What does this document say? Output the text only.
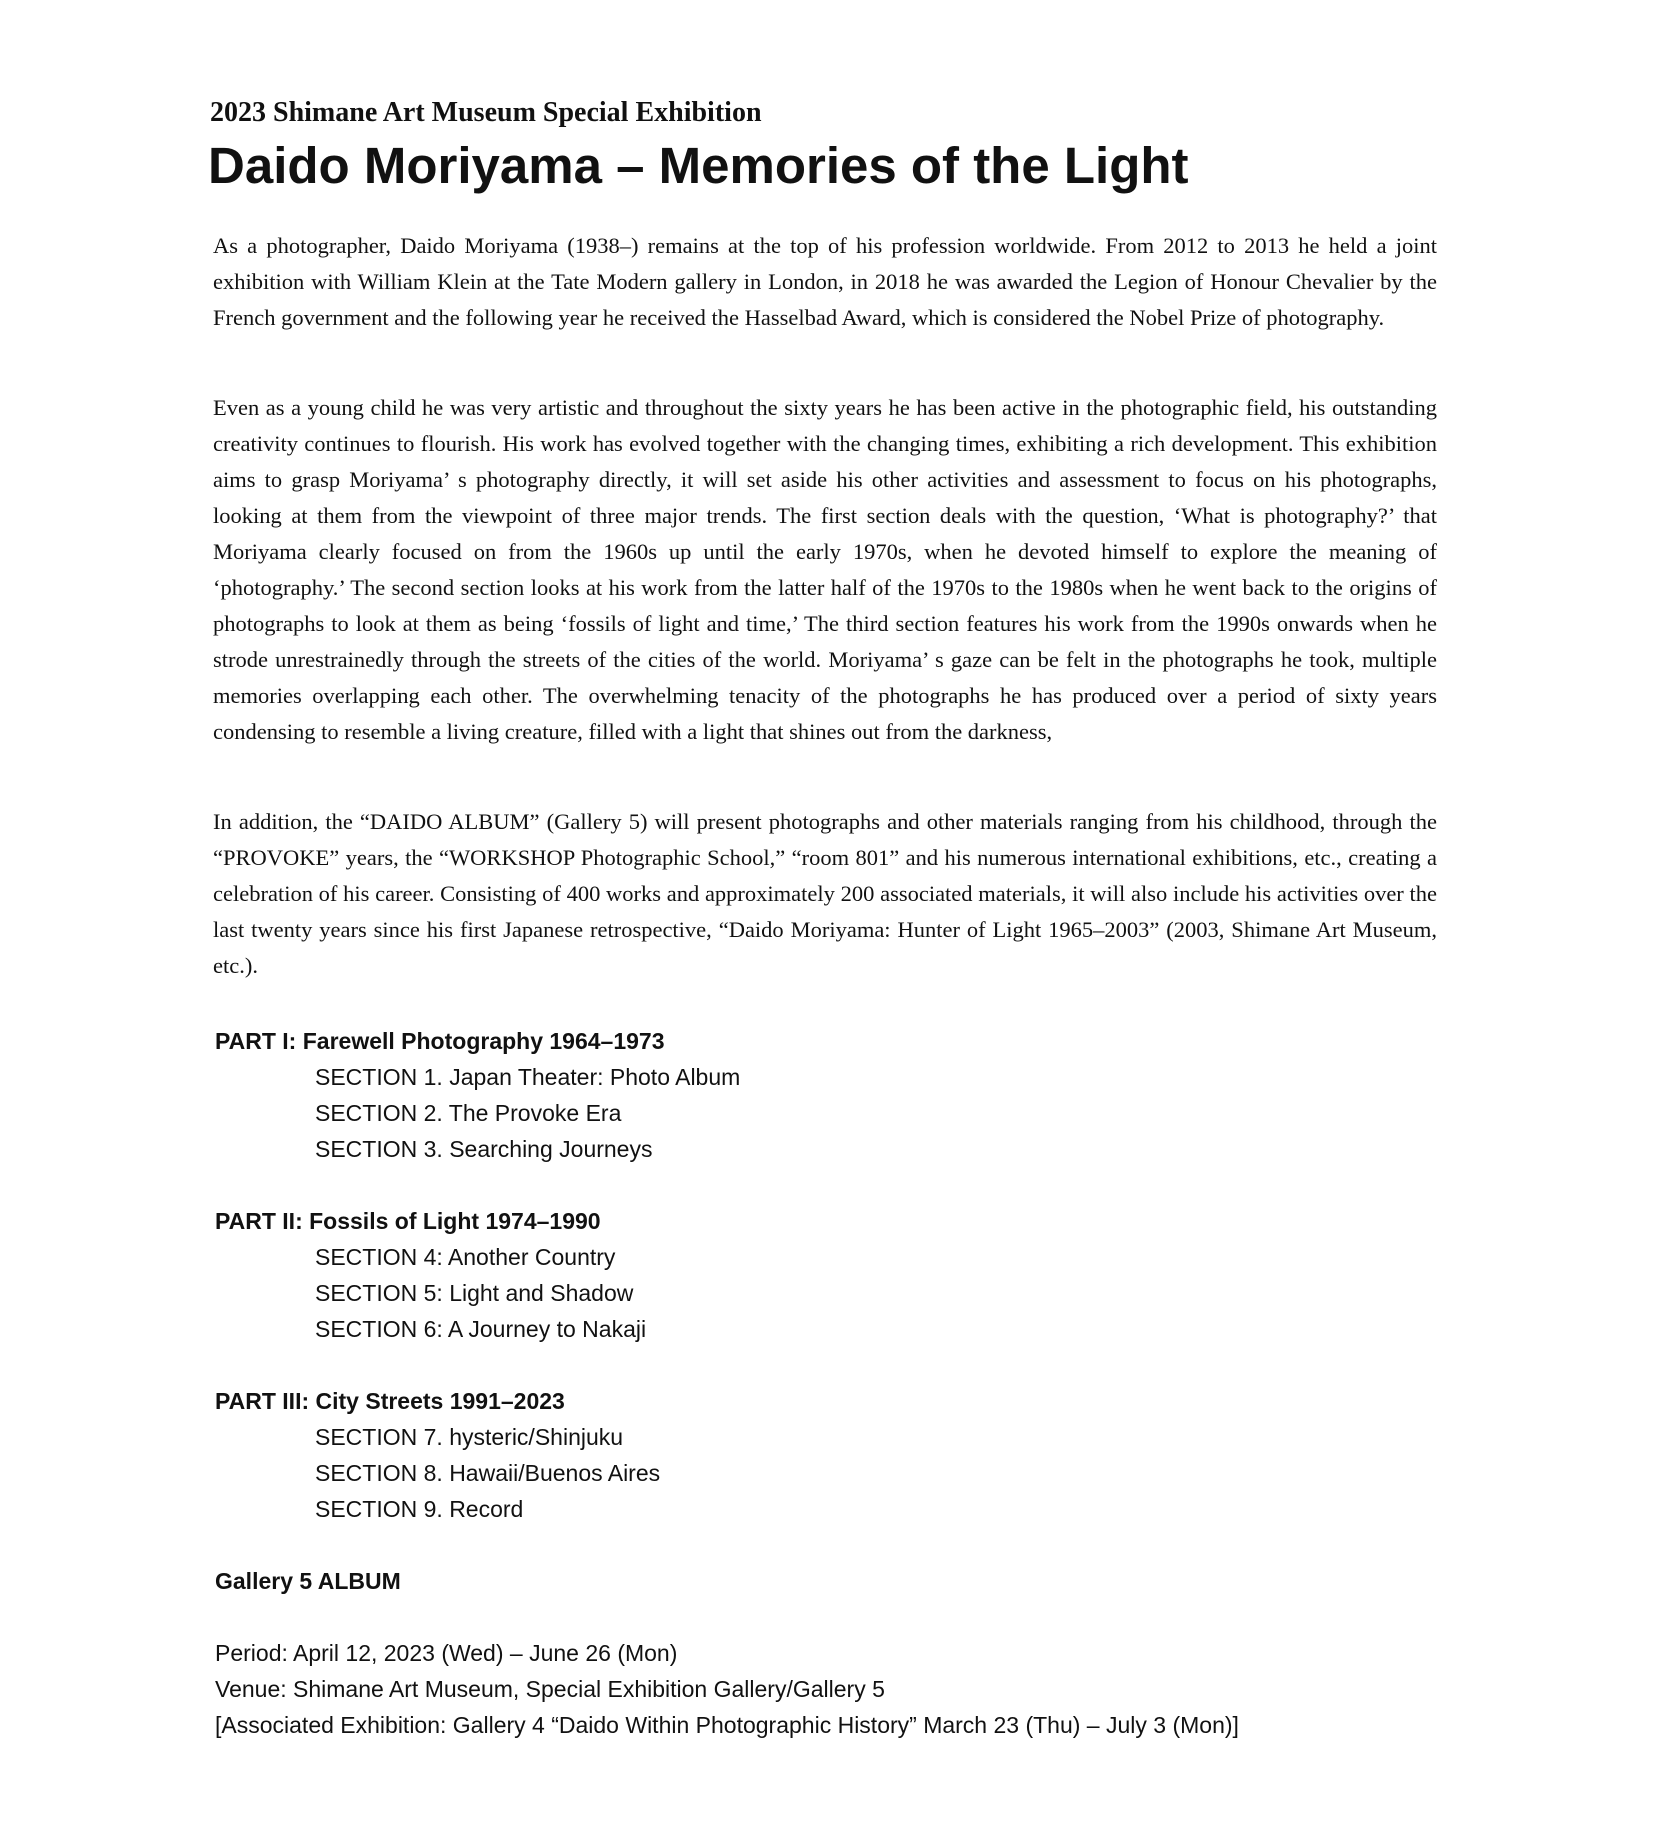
2023 Shimane Art Museum Special Exhibition
Daido Moriyama – Memories of the Light
As a photographer, Daido Moriyama (1938–) remains at the top of his profession worldwide. From 2012 to 2013 he held a joint exhibition with William Klein at the Tate Modern gallery in London, in 2018 he was awarded the Legion of Honour Chevalier by the French government and the following year he received the Hasselbad Award, which is considered the Nobel Prize of photography.
Even as a young child he was very artistic and throughout the sixty years he has been active in the photographic field, his outstanding creativity continues to flourish. His work has evolved together with the changing times, exhibiting a rich development. This exhibition aims to grasp Moriyama’ s photography directly, it will set aside his other activities and assessment to focus on his photographs, looking at them from the viewpoint of three major trends. The first section deals with the question, ‘What is photography?’ that Moriyama clearly focused on from the 1960s up until the early 1970s, when he devoted himself to explore the meaning of ‘photography.’ The second section looks at his work from the latter half of the 1970s to the 1980s when he went back to the origins of photographs to look at them as being ‘fossils of light and time,’ The third section features his work from the 1990s onwards when he strode unrestrainedly through the streets of the cities of the world. Moriyama’ s gaze can be felt in the photographs he took, multiple memories overlapping each other. The overwhelming tenacity of the photographs he has produced over a period of sixty years condensing to resemble a living creature, filled with a light that shines out from the darkness,
In addition, the “DAIDO ALBUM” (Gallery 5) will present photographs and other materials ranging from his childhood, through the “PROVOKE” years, the “WORKSHOP Photographic School,” “room 801” and his numerous international exhibitions, etc., creating a celebration of his career. Consisting of 400 works and approximately 200 associated materials, it will also include his activities over the last twenty years since his first Japanese retrospective, “Daido Moriyama: Hunter of Light 1965–2003” (2003, Shimane Art Museum, etc.).
PART I: Farewell Photography 1964–1973
SECTION 1. Japan Theater: Photo Album
SECTION 2. The Provoke Era
SECTION 3. Searching Journeys
PART II: Fossils of Light 1974–1990
SECTION 4: Another Country
SECTION 5: Light and Shadow
SECTION 6: A Journey to Nakaji
PART III: City Streets 1991–2023
SECTION 7. hysteric/Shinjuku
SECTION 8. Hawaii/Buenos Aires
SECTION 9. Record
Gallery 5 ALBUM
Period: April 12, 2023 (Wed) – June 26 (Mon)
Venue: Shimane Art Museum, Special Exhibition Gallery/Gallery 5
[Associated Exhibition: Gallery 4 “Daido Within Photographic History” March 23 (Thu) – July 3 (Mon)]
